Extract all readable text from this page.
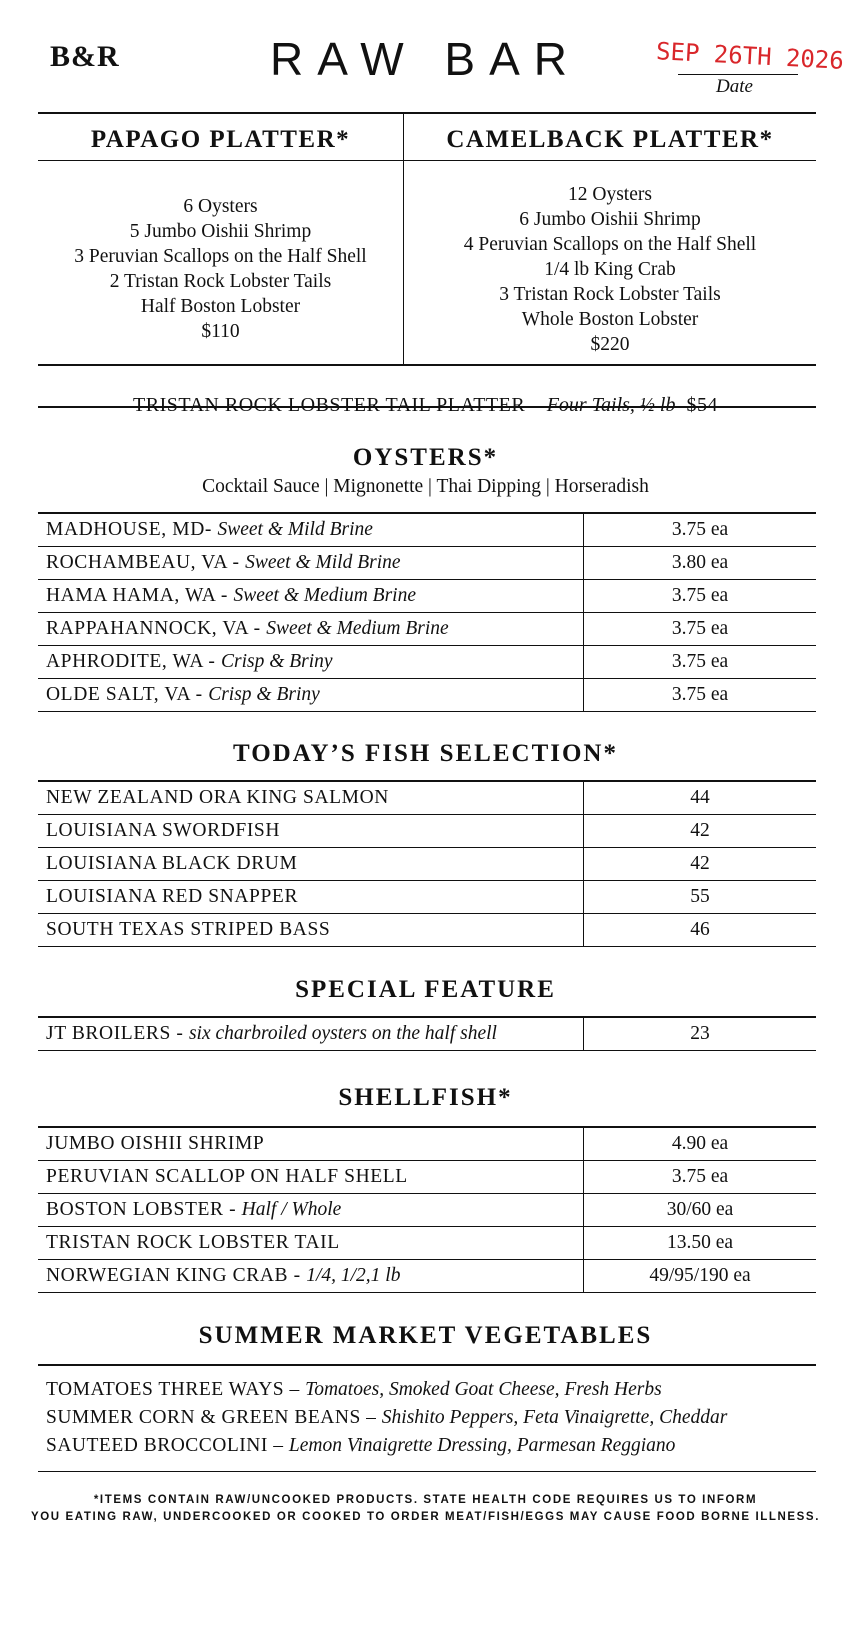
B&R	RAW BAR	SEP 26TH 2026
Date
PAPAGO PLATTER*	CAMELBACK PLATTER*
6 Oysters
5 Jumbo Oishii Shrimp
3 Peruvian Scallops on the Half Shell
2 Tristan Rock Lobster Tails
Half Boston Lobster
$110
12 Oysters
6 Jumbo Oishii Shrimp
4 Peruvian Scallops on the Half Shell
1/4 lb King Crab
3 Tristan Rock Lobster Tails
Whole Boston Lobster
$220
TRISTAN ROCK LOBSTER TAIL PLATTER – Four Tails, ½ lb $54
OYSTERS*
Cocktail Sauce | Mignonette | Thai Dipping | Horseradish
MADHOUSE, MD- Sweet & Mild Brine	3.75 ea
ROCHAMBEAU, VA - Sweet & Mild Brine	3.80 ea
HAMA HAMA, WA - Sweet & Medium Brine	3.75 ea
RAPPAHANNOCK, VA - Sweet & Medium Brine	3.75 ea
APHRODITE, WA - Crisp & Briny	3.75 ea
OLDE SALT, VA - Crisp & Briny	3.75 ea
TODAY’S FISH SELECTION*
NEW ZEALAND ORA KING SALMON	44
LOUISIANA SWORDFISH	42
LOUISIANA BLACK DRUM	42
LOUISIANA RED SNAPPER	55
SOUTH TEXAS STRIPED BASS	46
SPECIAL FEATURE
JT BROILERS - six charbroiled oysters on the half shell	23
SHELLFISH*
JUMBO OISHII SHRIMP	4.90 ea
PERUVIAN SCALLOP ON HALF SHELL	3.75 ea
BOSTON LOBSTER - Half / Whole	30/60 ea
TRISTAN ROCK LOBSTER TAIL	13.50 ea
NORWEGIAN KING CRAB - 1/4, 1/2,1 lb	49/95/190 ea
SUMMER MARKET VEGETABLES
TOMATOES THREE WAYS – Tomatoes, Smoked Goat Cheese, Fresh Herbs
SUMMER CORN & GREEN BEANS – Shishito Peppers, Feta Vinaigrette, Cheddar
SAUTEED BROCCOLINI – Lemon Vinaigrette Dressing, Parmesan Reggiano
*ITEMS CONTAIN RAW/UNCOOKED PRODUCTS. STATE HEALTH CODE REQUIRES US TO INFORM
YOU EATING RAW, UNDERCOOKED OR COOKED TO ORDER MEAT/FISH/EGGS MAY CAUSE FOOD BORNE ILLNESS.
